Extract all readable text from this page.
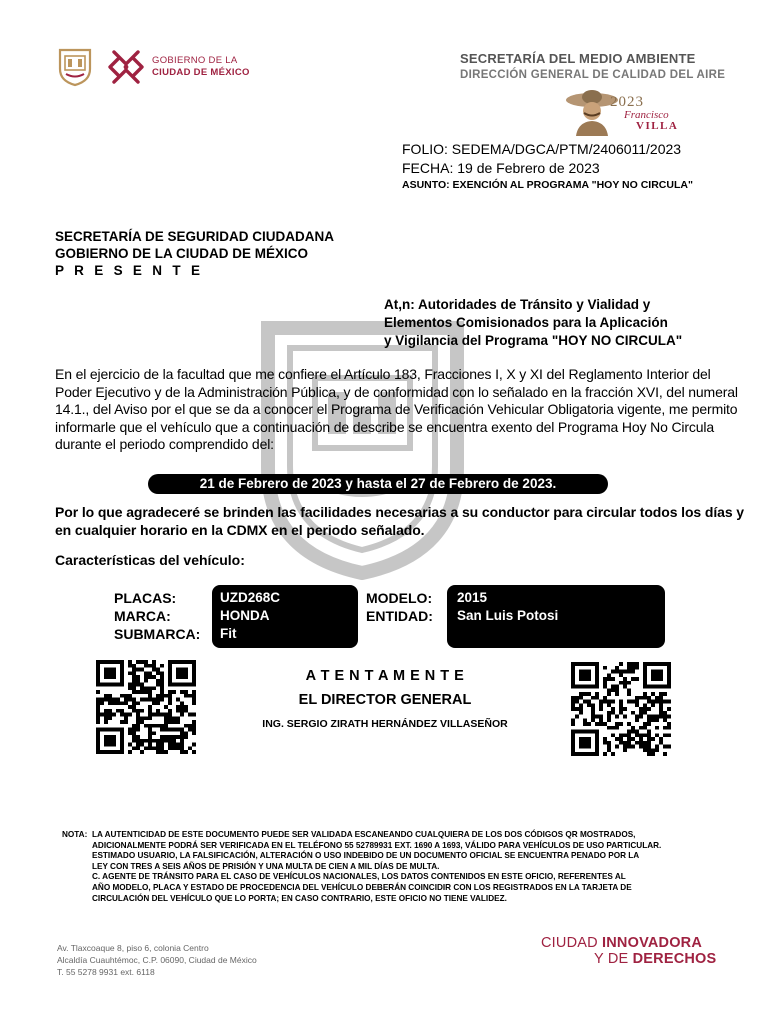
GOBIERNO DE LA
CIUDAD DE MÉXICO
SECRETARÍA DEL MEDIO AMBIENTE
DIRECCIÓN GENERAL DE CALIDAD DEL AIRE
2023
Francisco
VILLA
FOLIO: SEDEMA/DGCA/PTM/2406011/2023
FECHA: 19 de Febrero de 2023
ASUNTO: EXENCIÓN AL PROGRAMA "HOY NO CIRCULA"
SECRETARÍA DE SEGURIDAD CIUDADANA
GOBIERNO DE LA CIUDAD DE MÉXICO
P R E S E N T E
At,n: Autoridades de Tránsito y Vialidad y
Elementos Comisionados para la Aplicación
y Vigilancia del Programa "HOY NO CIRCULA"
En el ejercicio de la facultad que me confiere el Artículo 183, Fracciones I, X y XI del Reglamento Interior del Poder Ejecutivo y de la Administración Pública, y de conformidad con lo señalado en la fracción XVI, del numeral 14.1., del Aviso por el que se da a conocer el Programa de Verificación Vehicular Obligatoria vigente, me permito informarle que el vehículo que a continuación de describe se encuentra exento del Programa Hoy No Circula durante el periodo comprendido del:
21 de Febrero de 2023 y hasta el 27 de Febrero de 2023.
Por lo que agradeceré se brinden las facilidades necesarias a su conductor para circular todos los días y en cualquier horario en la CDMX en el periodo señalado.
Características del vehículo:
PLACAS:
MARCA:
SUBMARCA:
UZD268C
HONDA
Fit
MODELO:
ENTIDAD:
2015
San Luis Potosi
A T E N T A M E N T E
EL DIRECTOR GENERAL
ING. SERGIO ZIRATH HERNÁNDEZ VILLASEÑOR
NOTA: LA AUTENTICIDAD DE ESTE DOCUMENTO PUEDE SER VALIDADA ESCANEANDO CUALQUIERA DE LOS DOS CÓDIGOS QR MOSTRADOS,
ADICIONALMENTE PODRÁ SER VERIFICADA EN EL TELÉFONO 55 52789931 EXT. 1690 A 1693, VÁLIDO PARA VEHÍCULOS DE USO PARTICULAR.
ESTIMADO USUARIO, LA FALSIFICACIÓN, ALTERACIÓN O USO INDEBIDO DE UN DOCUMENTO OFICIAL SE ENCUENTRA PENADO POR LA
LEY CON TRES A SEIS AÑOS DE PRISIÓN Y UNA MULTA DE CIEN A MIL DÍAS DE MULTA.
C. AGENTE DE TRÁNSITO PARA EL CASO DE VEHÍCULOS NACIONALES, LOS DATOS CONTENIDOS EN ESTE OFICIO, REFERENTES AL
AÑO MODELO, PLACA Y ESTADO DE PROCEDENCIA DEL VEHÍCULO DEBERÁN COINCIDIR CON LOS REGISTRADOS EN LA TARJETA DE
CIRCULACIÓN DEL VEHÍCULO QUE LO PORTA; EN CASO CONTRARIO, ESTE OFICIO NO TIENE VALIDEZ.
Av. Tlaxcoaque 8, piso 6, colonia Centro
Alcaldía Cuauhtémoc, C.P. 06090, Ciudad de México
T. 55 5278 9931 ext. 6118
CIUDAD INNOVADORA
Y DE DERECHOS
